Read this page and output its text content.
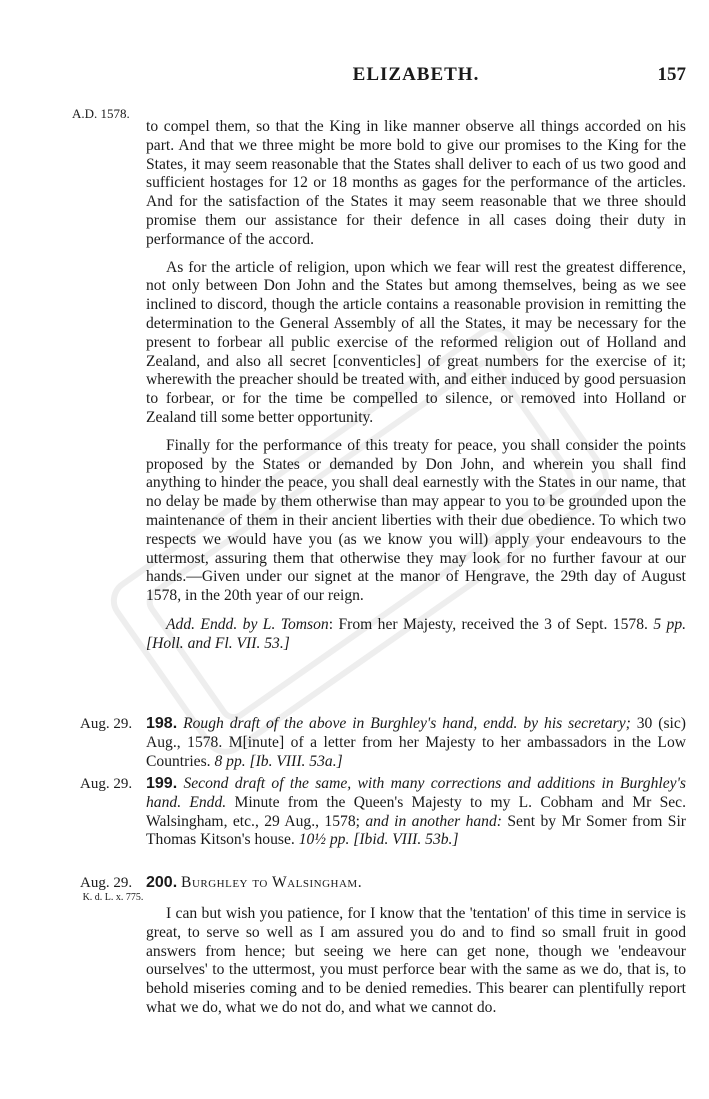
ELIZABETH.	157
A.D. 1578.

to compel them, so that the King in like manner observe all things accorded on his part. And that we three might be more bold to give our promises to the King for the States, it may seem reasonable that the States shall deliver to each of us two good and sufficient hostages for 12 or 18 months as gages for the performance of the articles. And for the satisfaction of the States it may seem reasonable that we three should promise them our assistance for their defence in all cases doing their duty in performance of the accord.

As for the article of religion, upon which we fear will rest the greatest difference, not only between Don John and the States but among themselves, being as we see inclined to discord, though the article contains a reasonable provision in remitting the determination to the General Assembly of all the States, it may be necessary for the present to forbear all public exercise of the reformed religion out of Holland and Zealand, and also all secret [conventicles] of great numbers for the exercise of it; wherewith the preacher should be treated with, and either induced by good persuasion to forbear, or for the time be compelled to silence, or removed into Holland or Zealand till some better opportunity.

Finally for the performance of this treaty for peace, you shall consider the points proposed by the States or demanded by Don John, and wherein you shall find anything to hinder the peace, you shall deal earnestly with the States in our name, that no delay be made by them otherwise than may appear to you to be grounded upon the maintenance of them in their ancient liberties with their due obedience. To which two respects we would have you (as we know you will) apply your endeavours to the uttermost, assuring them that otherwise they may look for no further favour at our hands.—Given under our signet at the manor of Hengrave, the 29th day of August 1578, in the 20th year of our reign.

Add. Endd. by L. Tomson: From her Majesty, received the 3 of Sept. 1578. 5 pp. [Holl. and Fl. VII. 53.]

Aug. 29. 198. Rough draft of the above in Burghley's hand, endd. by his secretary; 30 (sic) Aug., 1578. M[inute] of a letter from her Majesty to her ambassadors in the Low Countries. 8 pp. [Ib. VIII. 53a.]
Aug. 29. 199. Second draft of the same, with many corrections and additions in Burghley's hand. Endd. Minute from the Queen's Majesty to my L. Cobham and Mr Sec. Walsingham, etc., 29 Aug., 1578; and in another hand: Sent by Mr Somer from Sir Thomas Kitson's house. 10½ pp. [Ibid. VIII. 53b.]
Aug. 29.
K. d. L. x. 775.
200. Burghley to Walsingham.
I can but wish you patience, for I know that the 'tentation' of this time in service is great, to serve so well as I am assured you do and to find so small fruit in good answers from hence; but seeing we here can get none, though we 'endeavour ourselves' to the uttermost, you must perforce bear with the same as we do, that is, to behold miseries coming and to be denied remedies. This bearer can plentifully report what we do, what we do not do, and what we cannot do.
